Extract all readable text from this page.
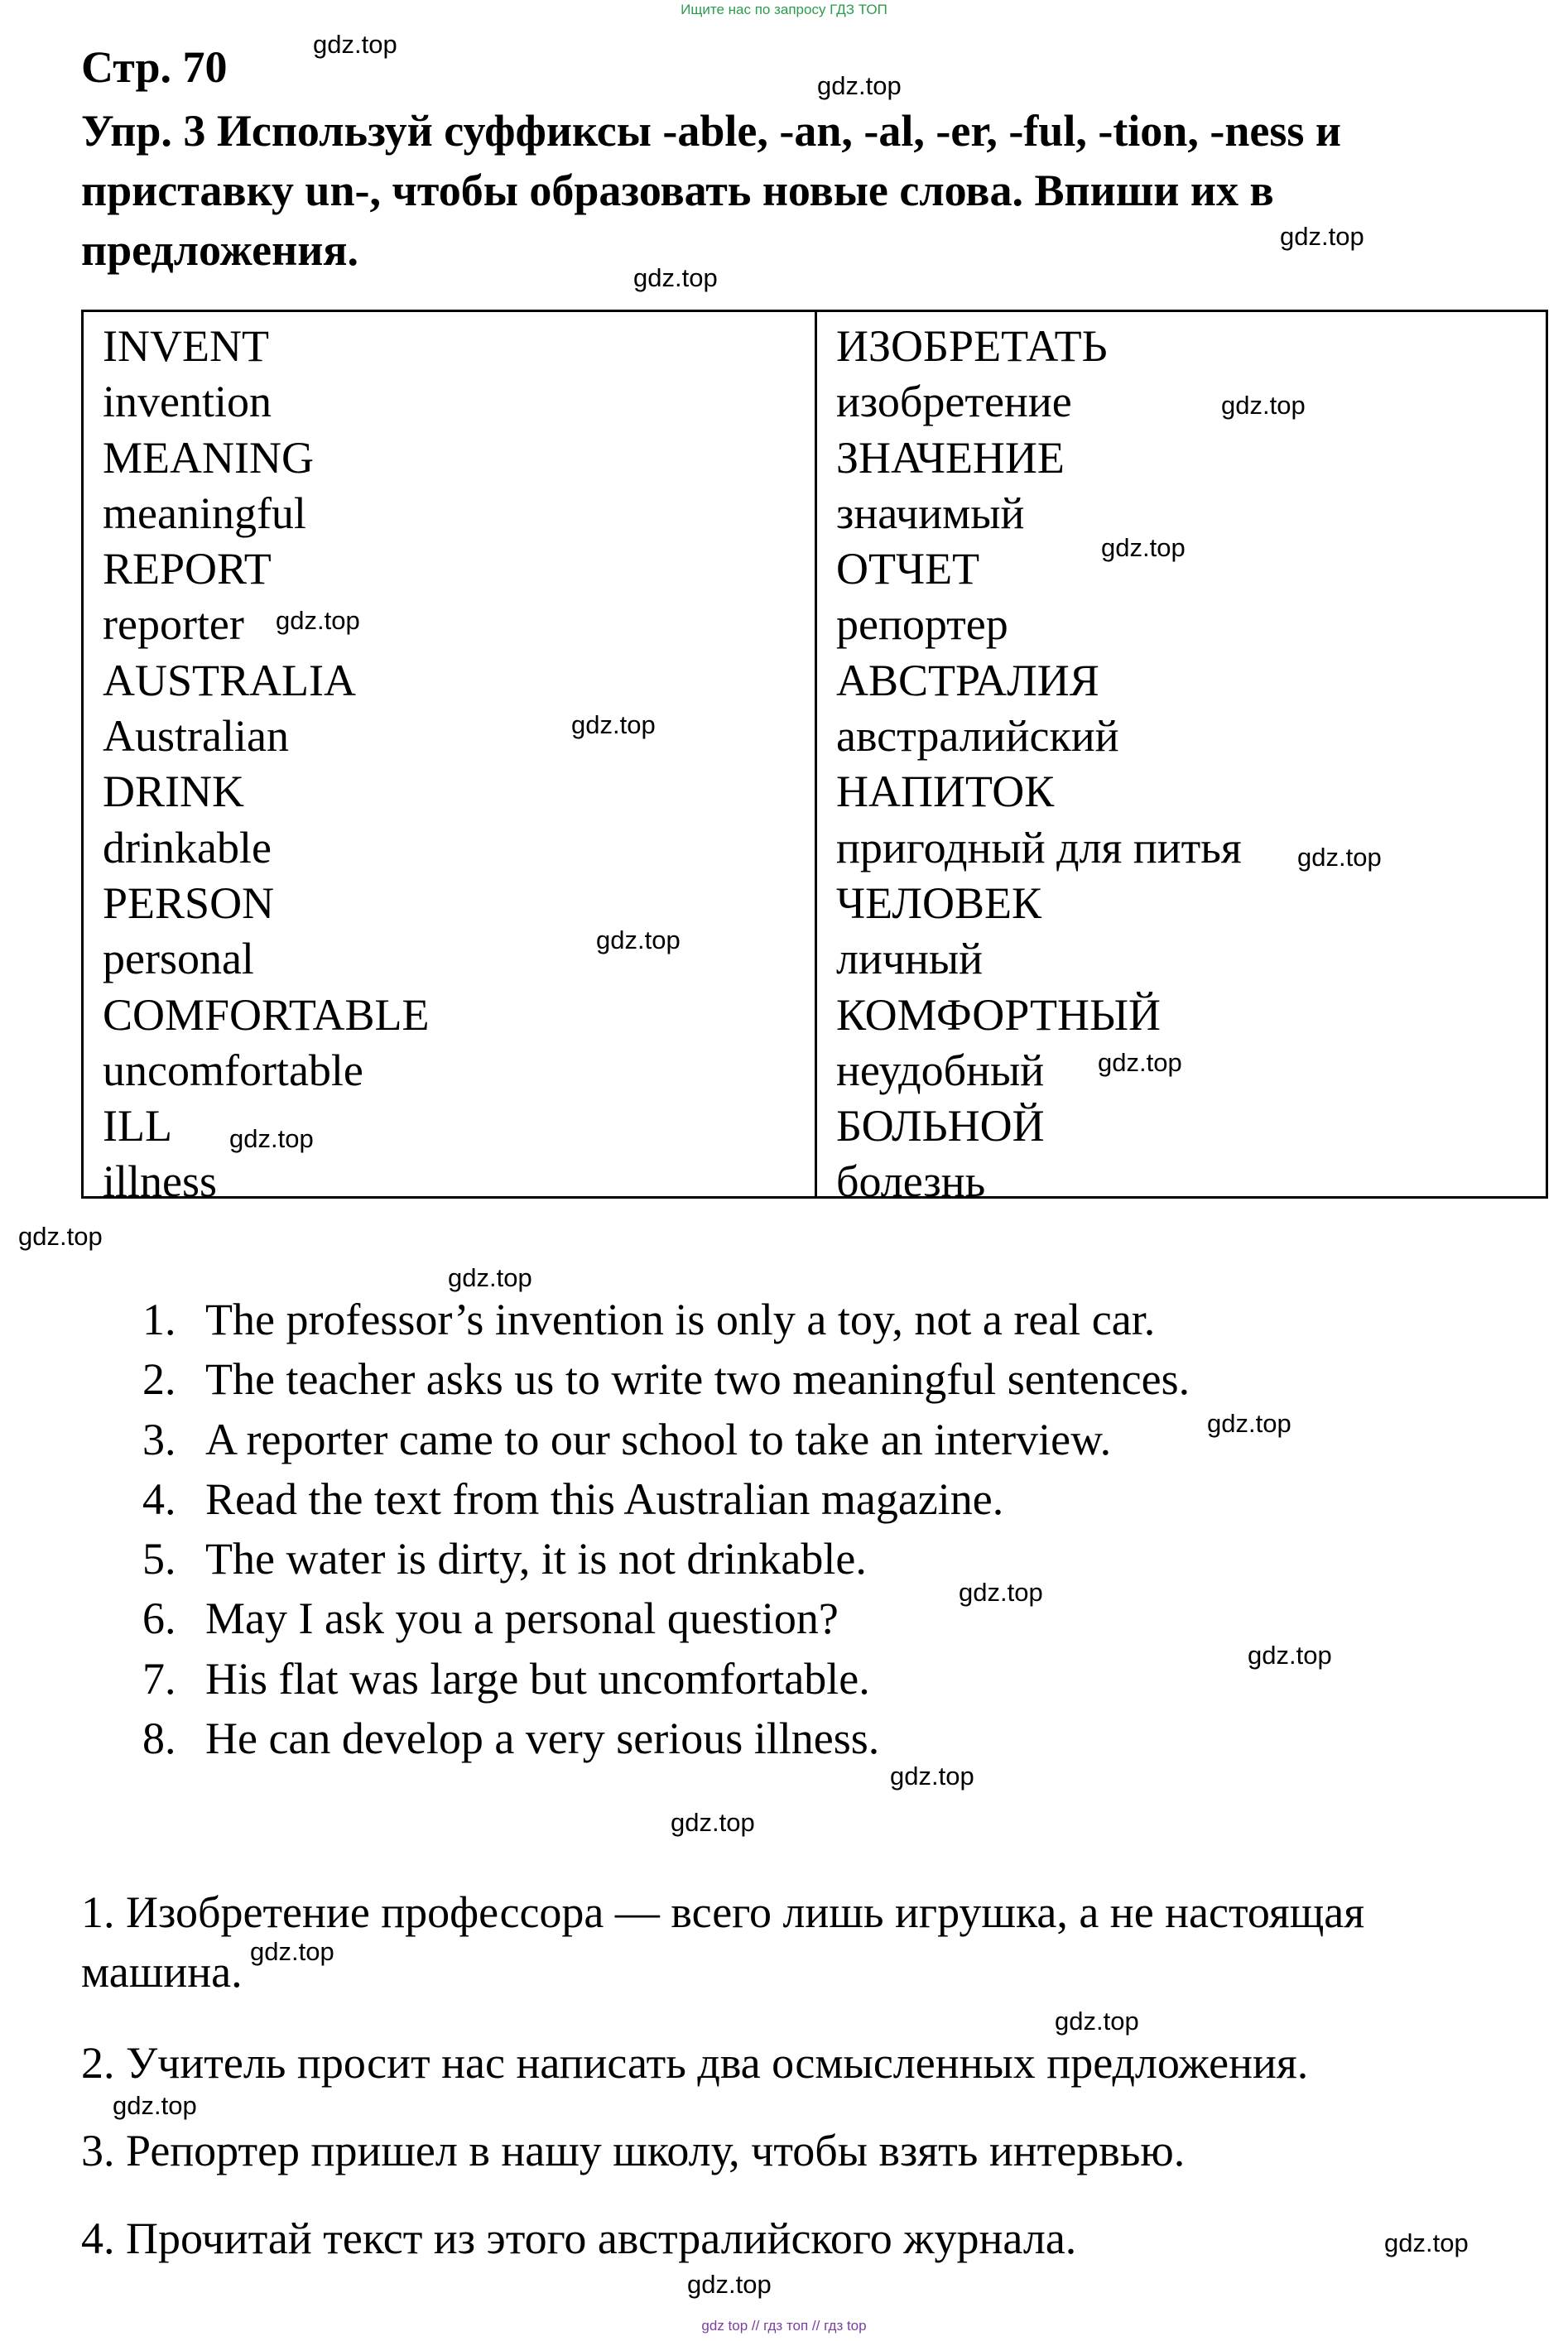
Ищите нас по запросу ГДЗ ТОП
Стр. 70
Упр. 3 Используй суффиксы -able, -an, -al, -er, -ful, -tion, -ness и приставку un-, чтобы образовать новые слова. Впиши их в предложения.
INVENT
invention
MEANING
meaningful
REPORT
reporter
AUSTRALIA
Australian
DRINK
drinkable
PERSON
personal
COMFORTABLE
uncomfortable
ILL
illness
ИЗОБРЕТАТЬ
изобретение
ЗНАЧЕНИЕ
значимый
ОТЧЕТ
репортер
АВСТРАЛИЯ
австралийский
НАПИТОК
пригодный для питья
ЧЕЛОВЕК
личный
КОМФОРТНЫЙ
неудобный
БОЛЬНОЙ
болезнь
1. The professor’s invention is only a toy, not a real car.
2. The teacher asks us to write two meaningful sentences.
3. A reporter came to our school to take an interview.
4. Read the text from this Australian magazine.
5. The water is dirty, it is not drinkable.
6. May I ask you a personal question?
7. His flat was large but uncomfortable.
8. He can develop a very serious illness.
1. Изобретение профессора — всего лишь игрушка, а не настоящая машина.
2. Учитель просит нас написать два осмысленных предложения.
3. Репортер пришел в нашу школу, чтобы взять интервью.
4. Прочитай текст из этого австралийского журнала.
gdz.top
gdz.top
gdz.top
gdz.top
gdz.top
gdz.top
gdz.top
gdz.top
gdz.top
gdz.top
gdz.top
gdz.top
gdz.top
gdz.top
gdz.top
gdz.top
gdz.top
gdz.top
gdz.top
gdz.top
gdz.top
gdz.top
gdz.top
gdz.top
gdz top // гдз топ // гдз top
